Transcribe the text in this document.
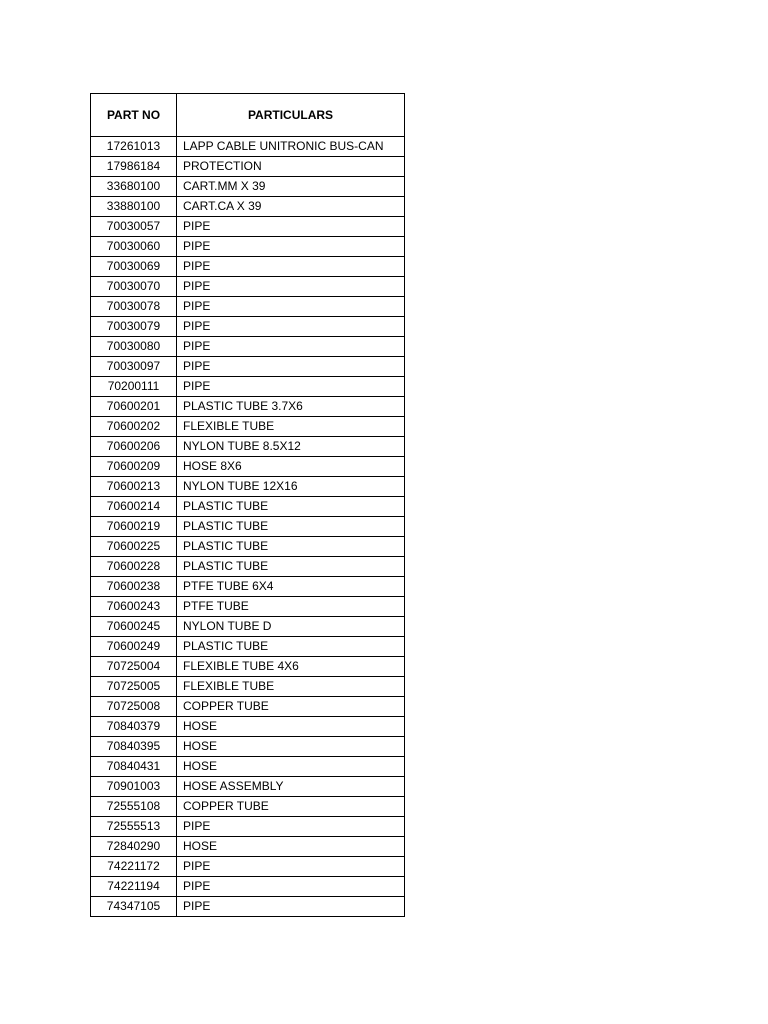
PART NO	PARTICULARS
17261013	LAPP CABLE UNITRONIC BUS-CAN
17986184	PROTECTION
33680100	CART.MM X 39
33880100	CART.CA X 39
70030057	PIPE
70030060	PIPE
70030069	PIPE
70030070	PIPE
70030078	PIPE
70030079	PIPE
70030080	PIPE
70030097	PIPE
70200111	PIPE
70600201	PLASTIC TUBE 3.7X6
70600202	FLEXIBLE TUBE
70600206	NYLON TUBE 8.5X12
70600209	HOSE 8X6
70600213	NYLON TUBE 12X16
70600214	PLASTIC TUBE
70600219	PLASTIC TUBE
70600225	PLASTIC TUBE
70600228	PLASTIC TUBE
70600238	PTFE TUBE 6X4
70600243	PTFE TUBE
70600245	NYLON TUBE D
70600249	PLASTIC TUBE
70725004	FLEXIBLE TUBE 4X6
70725005	FLEXIBLE TUBE
70725008	COPPER TUBE
70840379	HOSE
70840395	HOSE
70840431	HOSE
70901003	HOSE ASSEMBLY
72555108	COPPER TUBE
72555513	PIPE
72840290	HOSE
74221172	PIPE
74221194	PIPE
74347105	PIPE
